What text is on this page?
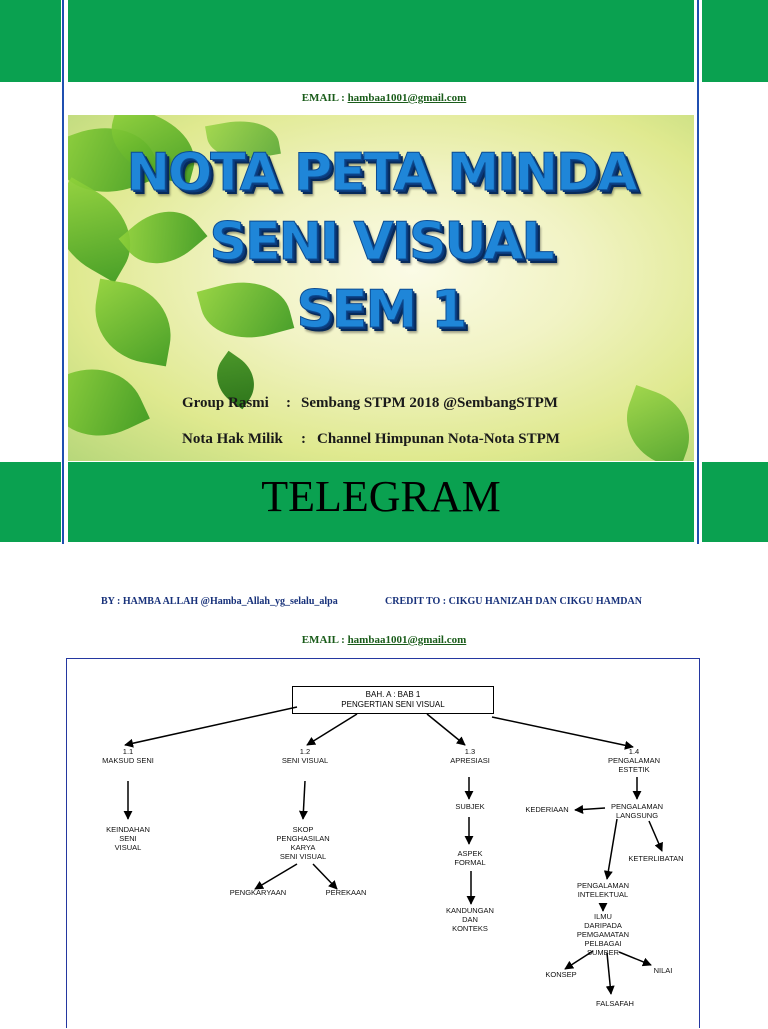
EMAIL : hambaa1001@gmail.com
NOTA PETA MINDA
SENI VISUAL
SEM 1
Group Rasmi : Sembang STPM 2018 @SembangSTPM
Nota Hak Milik : Channel Himpunan Nota-Nota STPM
TELEGRAM
BY : HAMBA ALLAH @Hamba_Allah_yg_selalu_alpa	CREDIT TO : CIKGU HANIZAH DAN CIKGU HAMDAN
EMAIL : hambaa1001@gmail.com
BAH. A : BAB 1
PENGERTIAN SENI VISUAL
1.1
MAKSUD SENI
1.2
SENI VISUAL
1.3
APRESIASI
1.4
PENGALAMAN
ESTETIK
KEINDAHAN
SENI
VISUAL
SKOP
PENGHASILAN
KARYA
SENI VISUAL
PENGKARYAAN	PEREKAAN
SUBJEK
ASPEK
FORMAL
KANDUNGAN
DAN
KONTEKS
KEDERIAAN	PENGALAMAN
LANGSUNG
KETERLIBATAN
PENGALAMAN
INTELEKTUAL
ILMU
DARIPADA
PEMGAMATAN
PELBAGAI
SUMBER
KONSEP	NILAI
FALSAFAH
